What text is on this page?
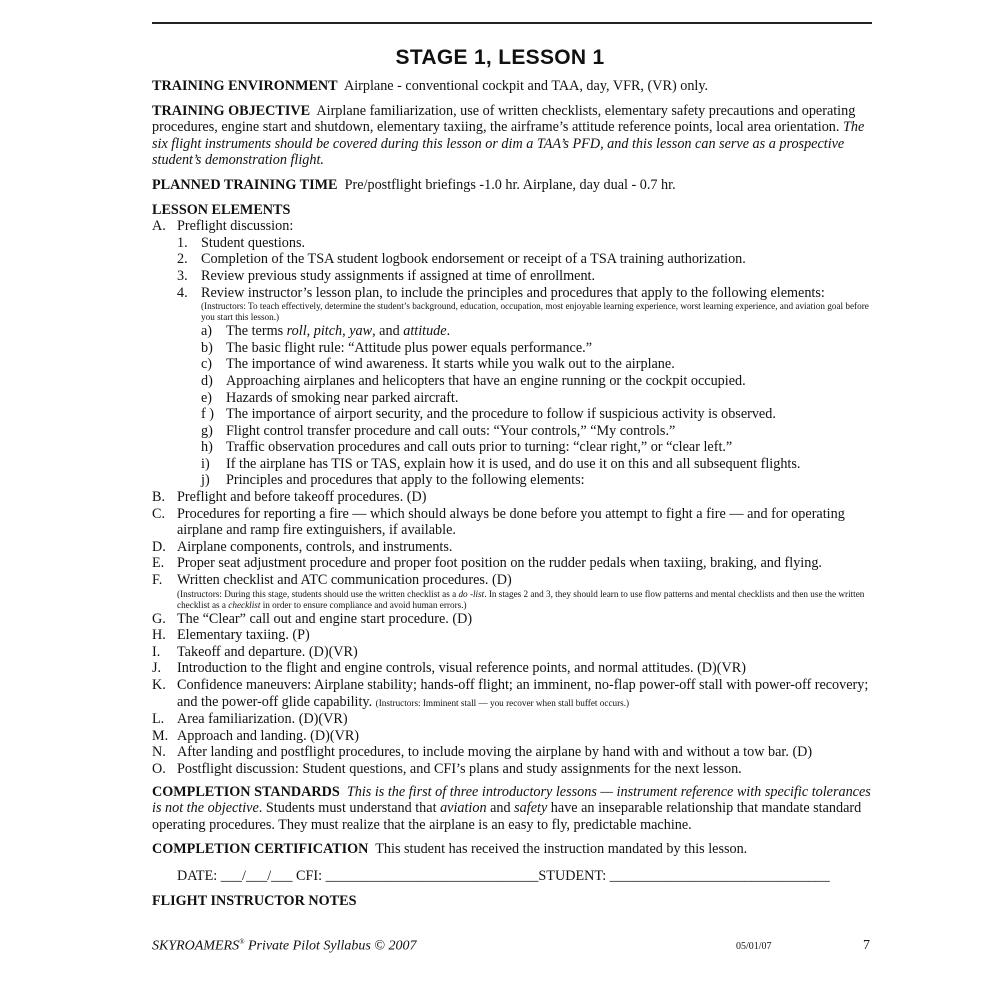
STAGE 1, LESSON 1

TRAINING ENVIRONMENT Airplane - conventional cockpit and TAA, day, VFR, (VR) only.

TRAINING OBJECTIVE Airplane familiarization, use of written checklists, elementary safety precautions and operating procedures, engine start and shutdown, elementary taxiing, the airframe’s attitude reference points, local area orientation. The six flight instruments should be covered during this lesson or dim a TAA’s PFD, and this lesson can serve as a prospective student’s demonstration flight.

PLANNED TRAINING TIME Pre/postflight briefings -1.0 hr. Airplane, day dual - 0.7 hr.

LESSON ELEMENTS
A. Preflight discussion:
1. Student questions.
2. Completion of the TSA student logbook endorsement or receipt of a TSA training authorization.
3. Review previous study assignments if assigned at time of enrollment.
4. Review instructor’s lesson plan, to include the principles and procedures that apply to the following elements:
(Instructors: To teach effectively, determine the student’s background, education, occupation, most enjoyable learning experience, worst learning experience, and aviation goal before you start this lesson.)
a) The terms roll, pitch, yaw, and attitude.
b) The basic flight rule: “Attitude plus power equals performance.”
c) The importance of wind awareness. It starts while you walk out to the airplane.
d) Approaching airplanes and helicopters that have an engine running or the cockpit occupied.
e) Hazards of smoking near parked aircraft.
f ) The importance of airport security, and the procedure to follow if suspicious activity is observed.
g) Flight control transfer procedure and call outs: “Your controls,” “My controls.”
h) Traffic observation procedures and call outs prior to turning: “clear right,” or “clear left.”
i)	If the airplane has TIS or TAS, explain how it is used, and do use it on this and all subsequent flights.
j)	Principles and procedures that apply to the following elements:
B. Preflight and before takeoff procedures. (D)
C. Procedures for reporting a fire — which should always be done before you attempt to fight a fire — and for operating airplane and ramp fire extinguishers, if available.
D. Airplane components, controls, and instruments.
E. Proper seat adjustment procedure and proper foot position on the rudder pedals when taxiing, braking, and flying.
F.	Written checklist and ATC communication procedures. (D)
(Instructors: During this stage, students should use the written checklist as a do -list. In stages 2 and 3, they should learn to use flow patterns and mental checklists and then use the written checklist as a checklist in order to ensure compliance and avoid human errors.)
G. The “Clear” call out and engine start procedure. (D)
H. Elementary taxiing. (P)
I.	Takeoff and departure. (D)(VR)
J.	Introduction to the flight and engine controls, visual reference points, and normal attitudes. (D)(VR)
K. Confidence maneuvers: Airplane stability; hands-off flight; an imminent, no-flap power-off stall with power-off recovery; and the power-off glide capability. (Instructors: Imminent stall — you recover when stall buffet occurs.)
L. Area familiarization. (D)(VR)
M. Approach and landing. (D)(VR)
N. After landing and postflight procedures, to include moving the airplane by hand with and without a tow bar. (D)
O. Postflight discussion: Student questions, and CFI’s plans and study assignments for the next lesson.

COMPLETION STANDARDS This is the first of three introductory lessons — instrument reference with specific tolerances is not the objective. Students must understand that aviation and safety have an inseparable relationship that mandate standard operating procedures. They must realize that the airplane is an easy to fly, predictable machine.

COMPLETION CERTIFICATION This student has received the instruction mandated by this lesson.

DATE: ___/___/___ CFI: ______________________________STUDENT: _______________________________
FLIGHT INSTRUCTOR NOTES
SKYROAMERS® Private Pilot Syllabus © 2007	05/01/07	7
